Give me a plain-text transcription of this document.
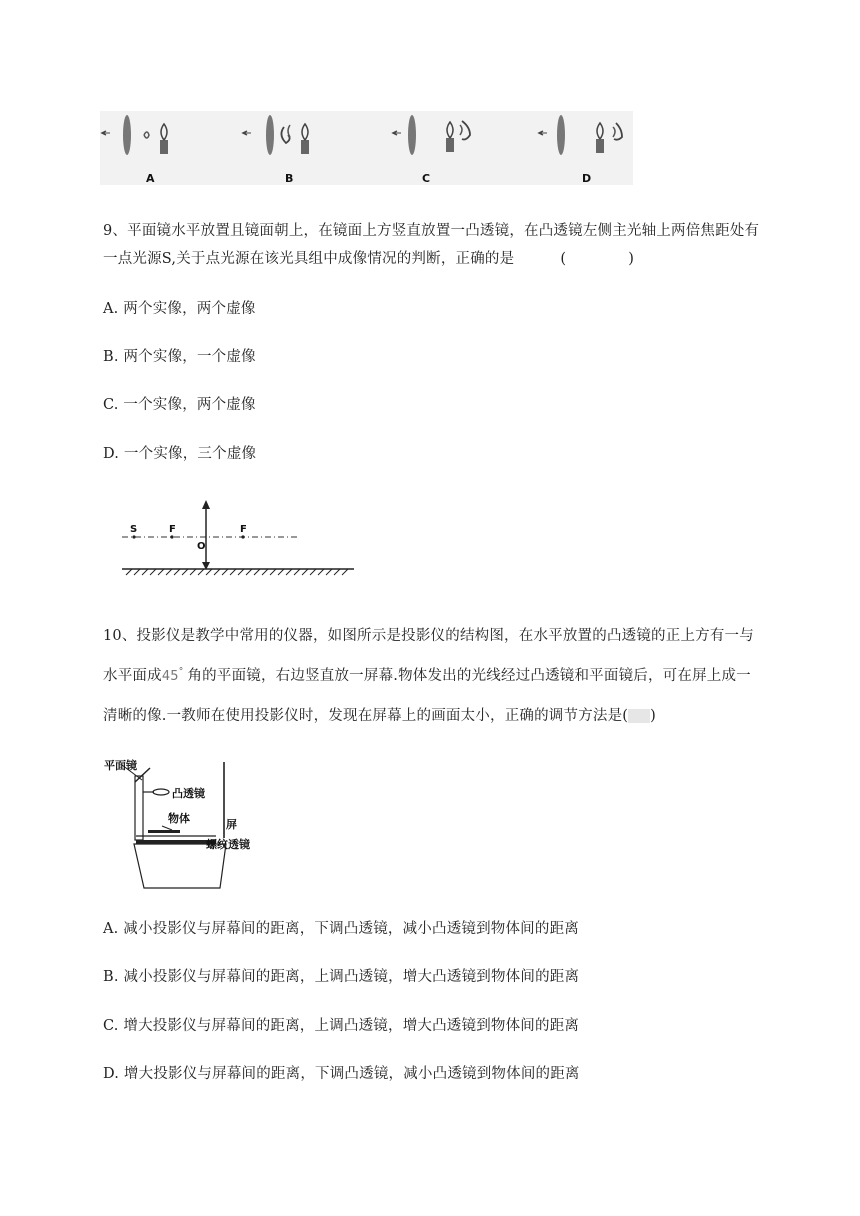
A	B	C	D
9、平面镜水平放置且镜面朝上，在镜面上方竖直放置一凸透镜，在凸透镜左侧主光轴上两倍焦距处有
一点光源S,关于点光源在该光具组中成像情况的判断，正确的是	(	)
A. 两个实像，两个虚像
B. 两个实像，一个虚像
C. 一个实像，两个虚像
D. 一个实像，三个虚像
S	F
O
F
10、投影仪是教学中常用的仪器，如图所示是投影仪的结构图，在水平放置的凸透镜的正上方有一与
水平面成45° 角的平面镜，右边竖直放一屏幕.物体发出的光线经过凸透镜和平面镜后，可在屏上成一
清晰的像.一教师在使用投影仪时，发现在屏幕上的画面太小，正确的调节方法是( )
平面镜
凸透镜
屏
物体
螺纹透镜
A. 减小投影仪与屏幕间的距离，下调凸透镜，减小凸透镜到物体间的距离
B. 减小投影仪与屏幕间的距离，上调凸透镜，增大凸透镜到物体间的距离
C. 增大投影仪与屏幕间的距离，上调凸透镜，增大凸透镜到物体间的距离
D. 增大投影仪与屏幕间的距离，下调凸透镜，减小凸透镜到物体间的距离
